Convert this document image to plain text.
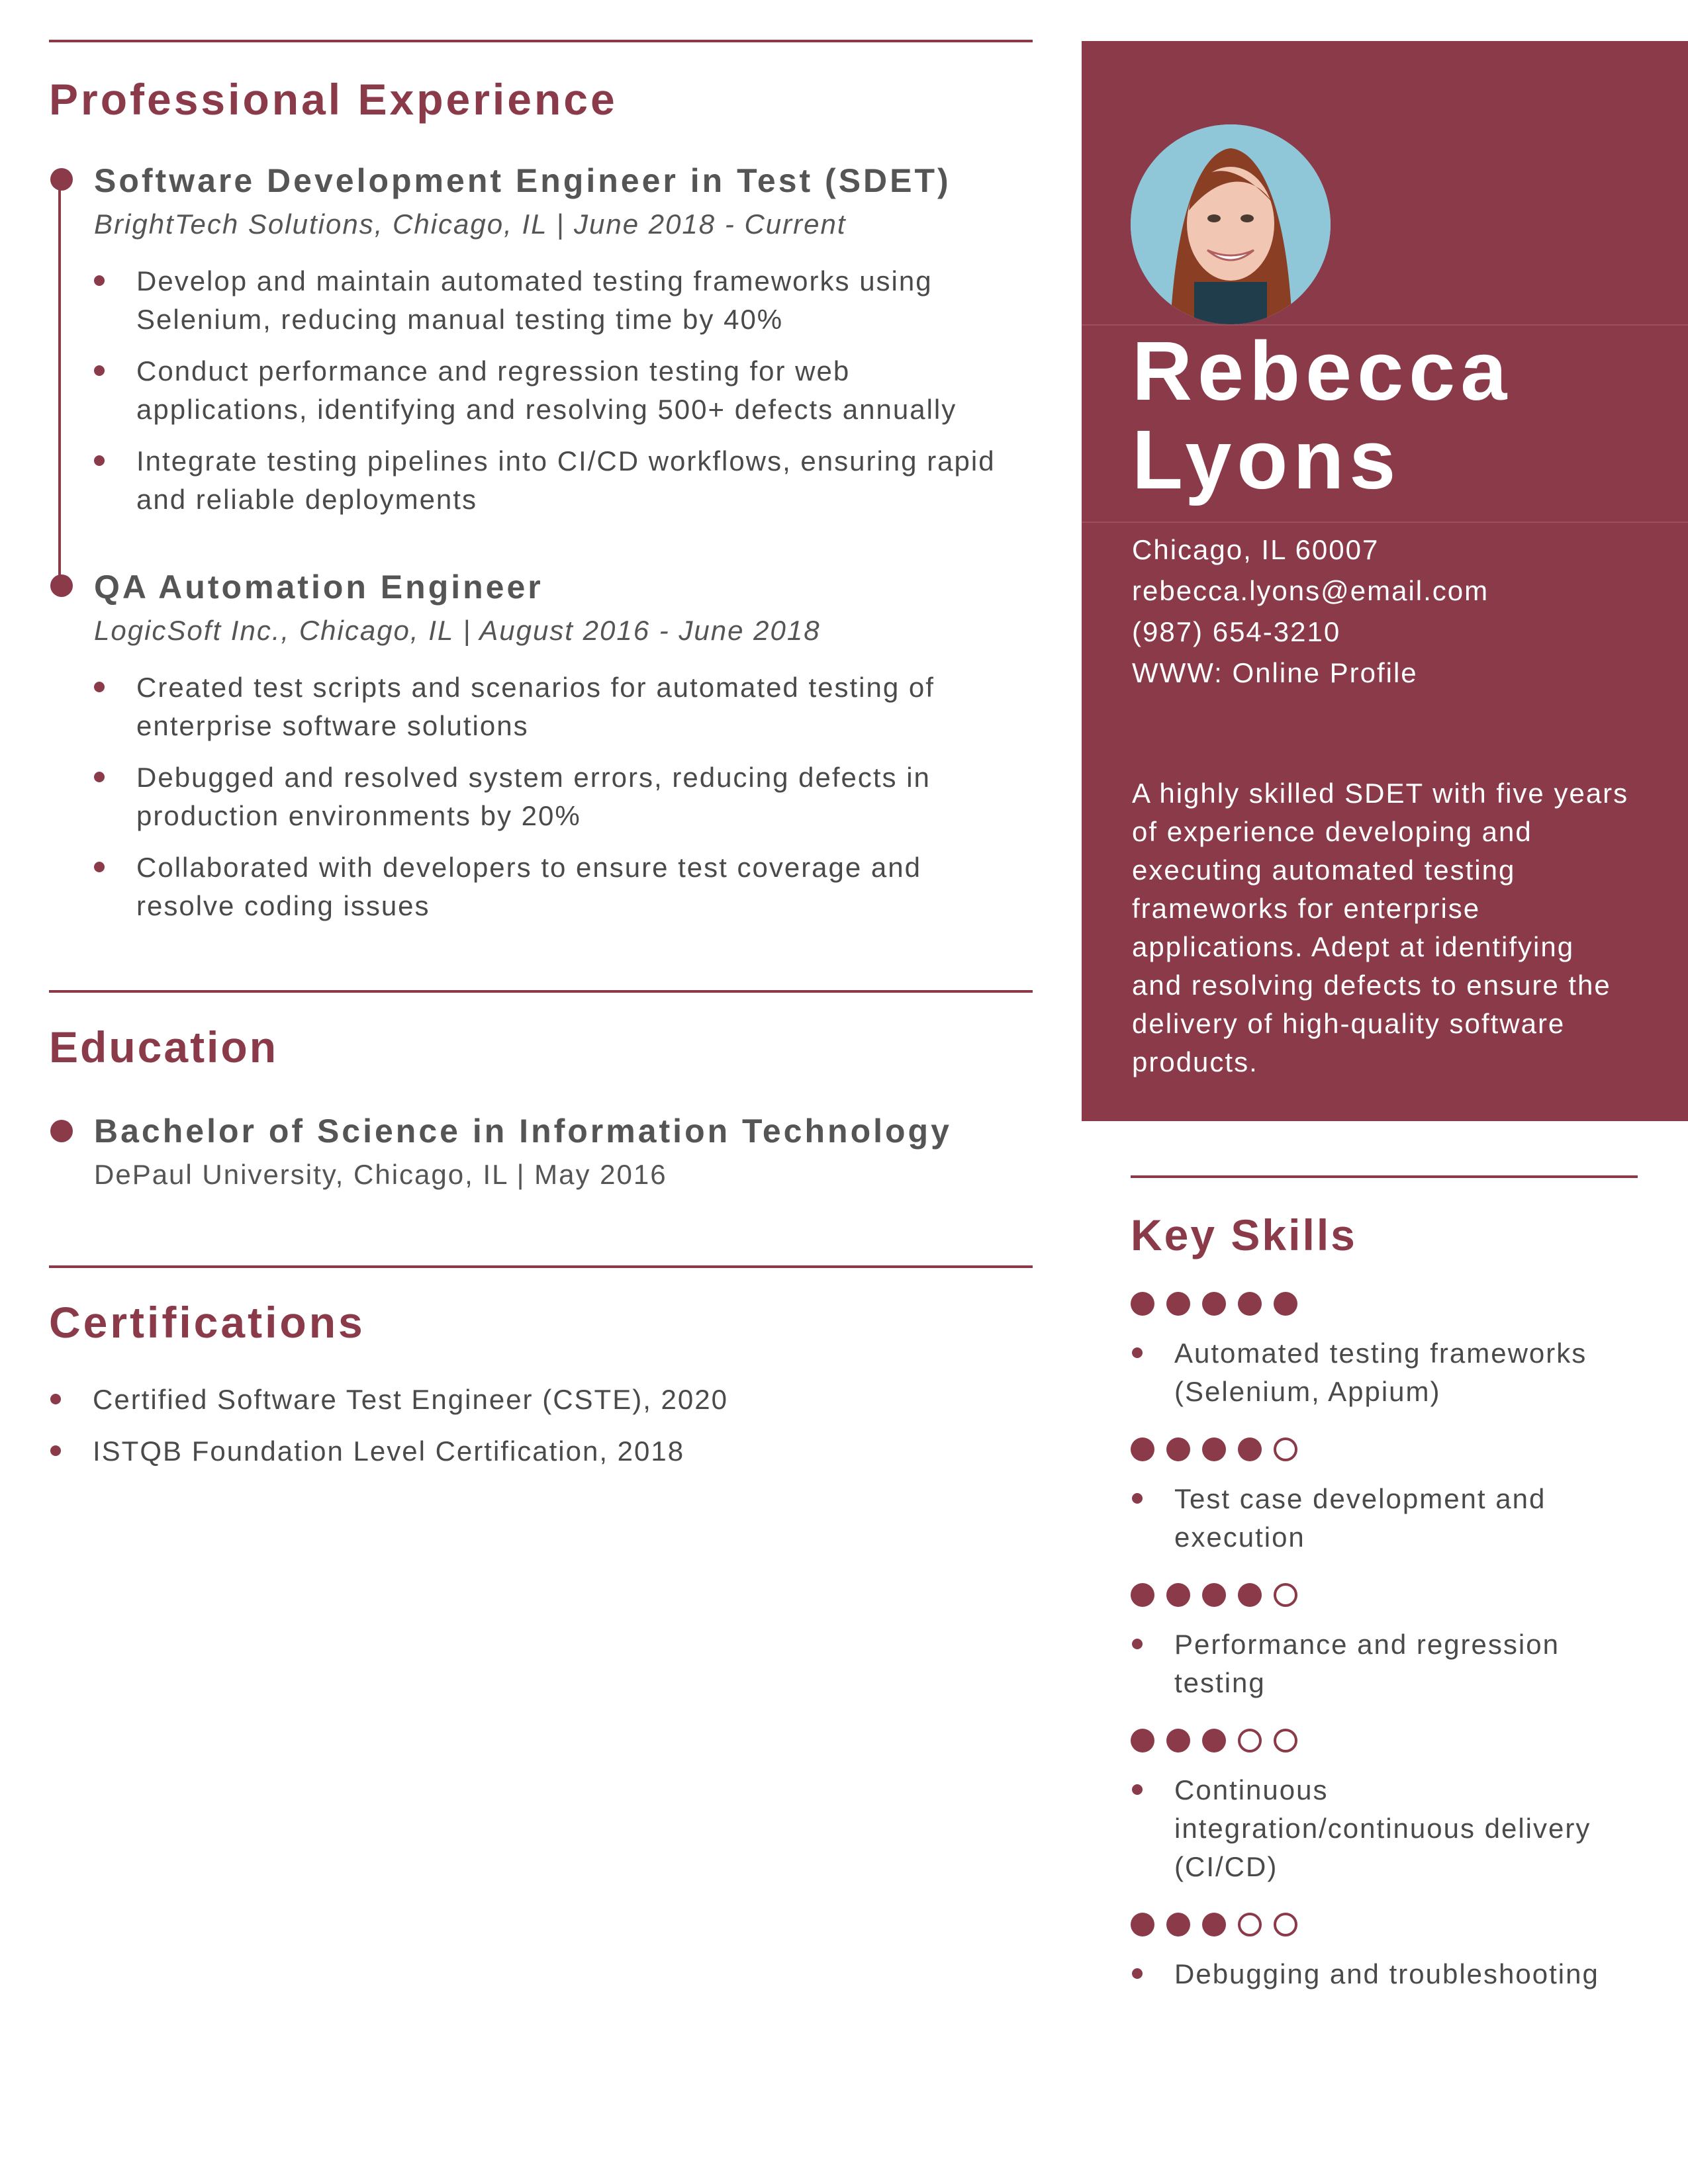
Professional Experience
Software Development Engineer in Test (SDET)
BrightTech Solutions, Chicago, IL | June 2018 - Current
Develop and maintain automated testing frameworks using
Selenium, reducing manual testing time by 40%
Conduct performance and regression testing for web
applications, identifying and resolving 500+ defects annually
Integrate testing pipelines into CI/CD workflows, ensuring rapid
and reliable deployments
QA Automation Engineer
LogicSoft Inc., Chicago, IL | August 2016 - June 2018
Created test scripts and scenarios for automated testing of
enterprise software solutions
Debugged and resolved system errors, reducing defects in
production environments by 20%
Collaborated with developers to ensure test coverage and
resolve coding issues
Education
Bachelor of Science in Information Technology
DePaul University, Chicago, IL | May 2016
Certifications
Certified Software Test Engineer (CSTE), 2020
ISTQB Foundation Level Certification, 2018
Rebecca
Lyons
Chicago, IL 60007
rebecca.lyons@email.com
(987) 654-3210
WWW: Online Profile
A highly skilled SDET with five years
of experience developing and
executing automated testing
frameworks for enterprise
applications. Adept at identifying
and resolving defects to ensure the
delivery of high-quality software
products.
Key Skills
Automated testing frameworks
(Selenium, Appium)
Test case development and
execution
Performance and regression
testing
Continuous
integration/continuous delivery
(CI/CD)
Debugging and troubleshooting
